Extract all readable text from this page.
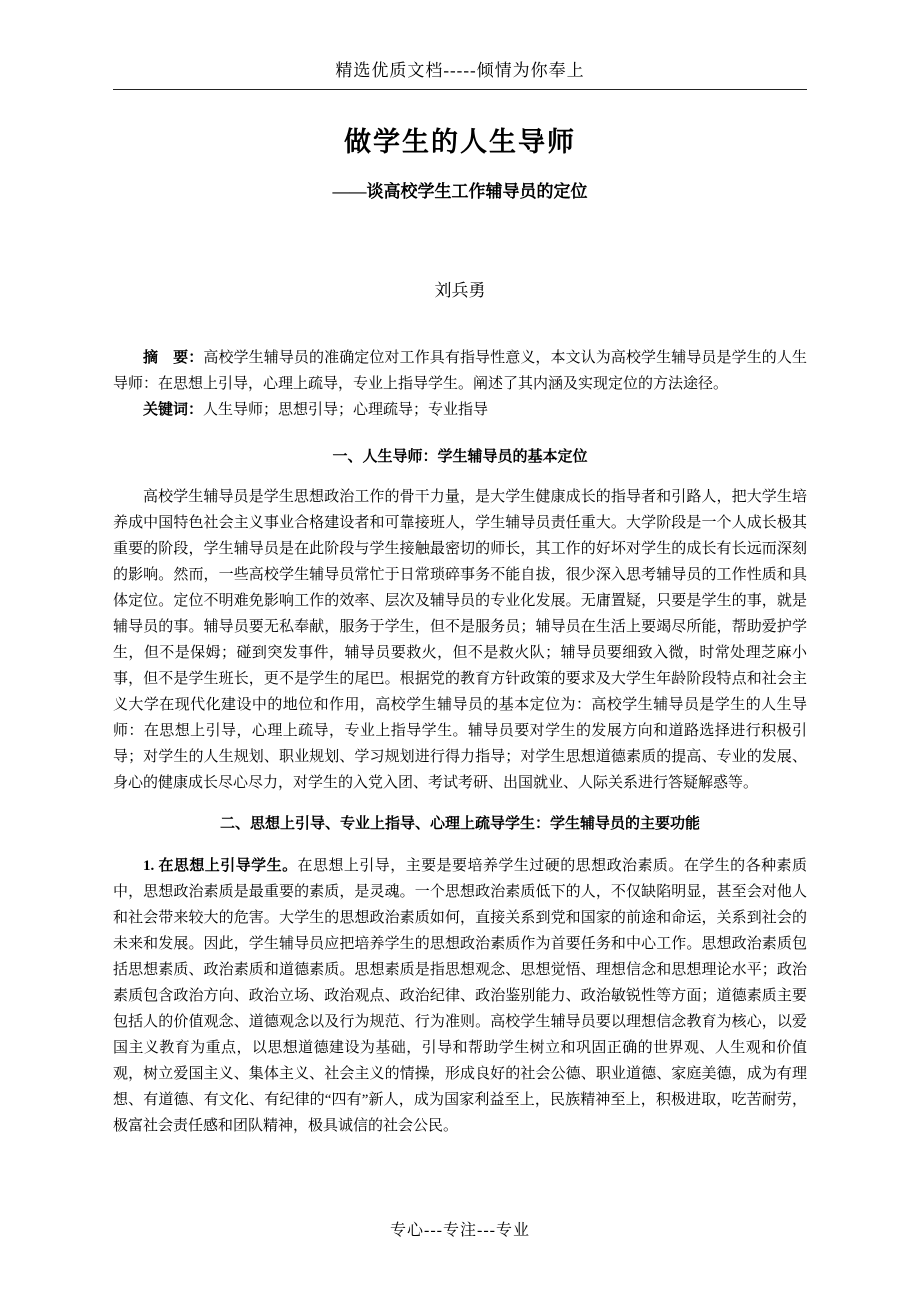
精选优质文档-----倾情为你奉上
做学生的人生导师
——谈高校学生工作辅导员的定位
刘兵勇

摘　要：高校学生辅导员的准确定位对工作具有指导性意义，本文认为高校学生辅导员是学生的人生导师：在思想上引导，心理上疏导，专业上指导学生。阐述了其内涵及实现定位的方法途径。

关键词：人生导师；思想引导；心理疏导；专业指导

一、人生导师：学生辅导员的基本定位

高校学生辅导员是学生思想政治工作的骨干力量，是大学生健康成长的指导者和引路人，把大学生培养成中国特色社会主义事业合格建设者和可靠接班人，学生辅导员责任重大。大学阶段是一个人成长极其重要的阶段，学生辅导员是在此阶段与学生接触最密切的师长，其工作的好坏对学生的成长有长远而深刻的影响。然而，一些高校学生辅导员常忙于日常琐碎事务不能自拔，很少深入思考辅导员的工作性质和具体定位。定位不明难免影响工作的效率、层次及辅导员的专业化发展。无庸置疑，只要是学生的事，就是辅导员的事。辅导员要无私奉献，服务于学生，但不是服务员；辅导员在生活上要竭尽所能，帮助爱护学生，但不是保姆；碰到突发事件，辅导员要救火，但不是救火队；辅导员要细致入微，时常处理芝麻小事，但不是学生班长，更不是学生的尾巴。根据党的教育方针政策的要求及大学生年龄阶段特点和社会主义大学在现代化建设中的地位和作用，高校学生辅导员的基本定位为：高校学生辅导员是学生的人生导师：在思想上引导，心理上疏导，专业上指导学生。辅导员要对学生的发展方向和道路选择进行积极引导；对学生的人生规划、职业规划、学习规划进行得力指导；对学生思想道德素质的提高、专业的发展、身心的健康成长尽心尽力，对学生的入党入团、考试考研、出国就业、人际关系进行答疑解惑等。

二、思想上引导、专业上指导、心理上疏导学生：学生辅导员的主要功能

1. 在思想上引导学生。在思想上引导，主要是要培养学生过硬的思想政治素质。在学生的各种素质中，思想政治素质是最重要的素质，是灵魂。一个思想政治素质低下的人，不仅缺陷明显，甚至会对他人和社会带来较大的危害。大学生的思想政治素质如何，直接关系到党和国家的前途和命运，关系到社会的未来和发展。因此，学生辅导员应把培养学生的思想政治素质作为首要任务和中心工作。思想政治素质包括思想素质、政治素质和道德素质。思想素质是指思想观念、思想觉悟、理想信念和思想理论水平；政治素质包含政治方向、政治立场、政治观点、政治纪律、政治鉴别能力、政治敏锐性等方面；道德素质主要包括人的价值观念、道德观念以及行为规范、行为准则。高校学生辅导员要以理想信念教育为核心，以爱国主义教育为重点，以思想道德建设为基础，引导和帮助学生树立和巩固正确的世界观、人生观和价值观，树立爱国主义、集体主义、社会主义的情操，形成良好的社会公德、职业道德、家庭美德，成为有理想、有道德、有文化、有纪律的“四有”新人，成为国家利益至上，民族精神至上，积极进取，吃苦耐劳，极富社会责任感和团队精神，极具诚信的社会公民。

专心---专注---专业
